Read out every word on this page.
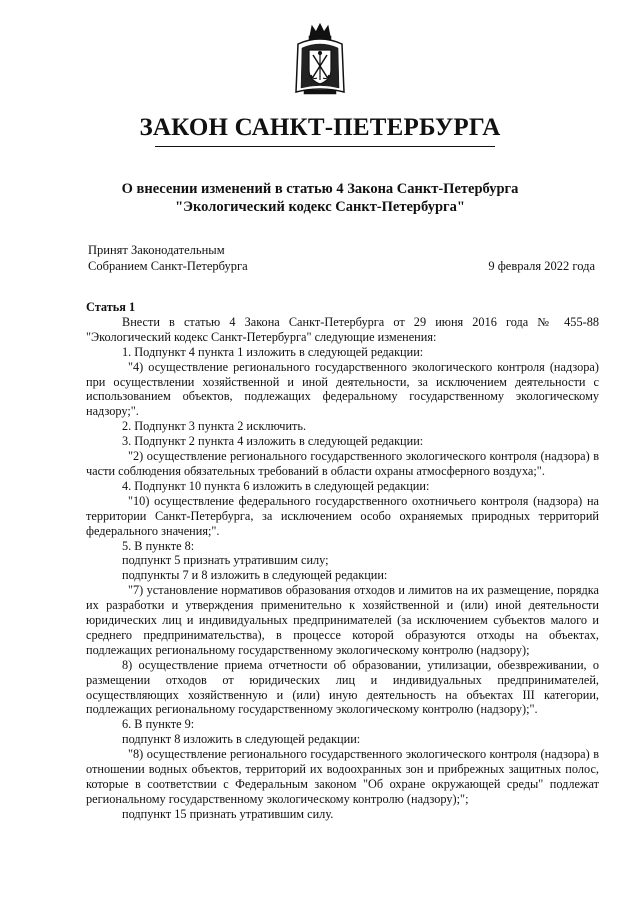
ЗАКОН САНКТ-ПЕТЕРБУРГА
О внесении изменений в статью 4 Закона Санкт-Петербурга
"Экологический кодекс Санкт-Петербурга"
Принят Законодательным
Собранием Санкт-Петербурга	9 февраля 2022 года

Статья 1

Внести в статью 4 Закона Санкт-Петербурга от 29 июня 2016 года № 455-88 "Экологический кодекс Санкт-Петербурга" следующие изменения:

1. Подпункт 4 пункта 1 изложить в следующей редакции:

"4) осуществление регионального государственного экологического контроля (надзора) при осуществлении хозяйственной и иной деятельности, за исключением деятельности с использованием объектов, подлежащих федеральному государственному экологическому надзору;".

2. Подпункт 3 пункта 2 исключить.

3. Подпункт 2 пункта 4 изложить в следующей редакции:

"2) осуществление регионального государственного экологического контроля (надзора) в части соблюдения обязательных требований в области охраны атмосферного воздуха;".

4. Подпункт 10 пункта 6 изложить в следующей редакции:

"10) осуществление федерального государственного охотничьего контроля (надзора) на территории Санкт-Петербурга, за исключением особо охраняемых природных территорий федерального значения;".

5. В пункте 8:

подпункт 5 признать утратившим силу;

подпункты 7 и 8 изложить в следующей редакции:

"7) установление нормативов образования отходов и лимитов на их размещение, порядка их разработки и утверждения применительно к хозяйственной и (или) иной деятельности юридических лиц и индивидуальных предпринимателей (за исключением субъектов малого и среднего предпринимательства), в процессе которой образуются отходы на объектах, подлежащих региональному государственному экологическому контролю (надзору);

8) осуществление приема отчетности об образовании, утилизации, обезвреживании, о размещении отходов от юридических лиц и индивидуальных предпринимателей, осуществляющих хозяйственную и (или) иную деятельность на объектах III категории, подлежащих региональному государственному экологическому контролю (надзору);".

6. В пункте 9:

подпункт 8 изложить в следующей редакции:

"8) осуществление регионального государственного экологического контроля (надзора) в отношении водных объектов, территорий их водоохранных зон и прибрежных защитных полос, которые в соответствии с Федеральным законом "Об охране окружающей среды" подлежат региональному государственному экологическому контролю (надзору);";

подпункт 15 признать утратившим силу.
